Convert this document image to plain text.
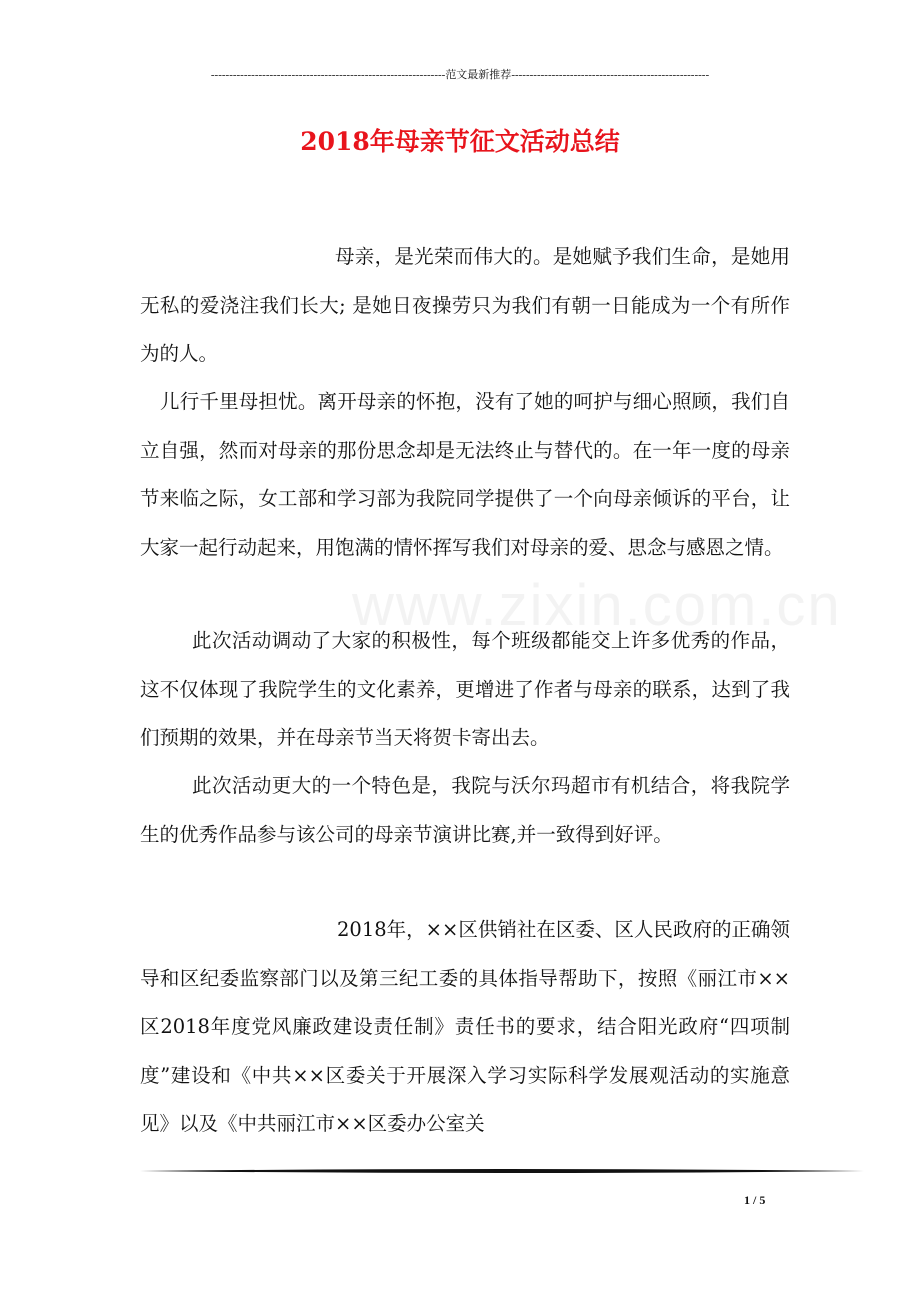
----------------------------------------------------------------范文最新推荐------------------------------------------------------
2018年母亲节征文活动总结
www.zixin.com.cn

母亲，是光荣而伟大的。是她赋予我们生命，是她用无私的爱浇注我们长大; 是她日夜操劳只为我们有朝一日能成为一个有所作为的人。

儿行千里母担忧。离开母亲的怀抱，没有了她的呵护与细心照顾，我们自立自强，然而对母亲的那份思念却是无法终止与替代的。在一年一度的母亲节来临之际，女工部和学习部为我院同学提供了一个向母亲倾诉的平台，让大家一起行动起来，用饱满的情怀挥写我们对母亲的爱、思念与感恩之情。

此次活动调动了大家的积极性，每个班级都能交上许多优秀的作品，这不仅体现了我院学生的文化素养，更增进了作者与母亲的联系，达到了我们预期的效果，并在母亲节当天将贺卡寄出去。

此次活动更大的一个特色是，我院与沃尔玛超市有机结合，将我院学生的优秀作品参与该公司的母亲节演讲比赛,并一致得到好评。

2018年，××区供销社在区委、区人民政府的正确领导和区纪委监察部门以及第三纪工委的具体指导帮助下，按照《丽江市××区2018年度党风廉政建设责任制》责任书的要求，结合阳光政府“四项制度”建设和《中共××区委关于开展深入学习实际科学发展观活动的实施意见》以及《中共丽江市××区委办公室关

1 / 5
